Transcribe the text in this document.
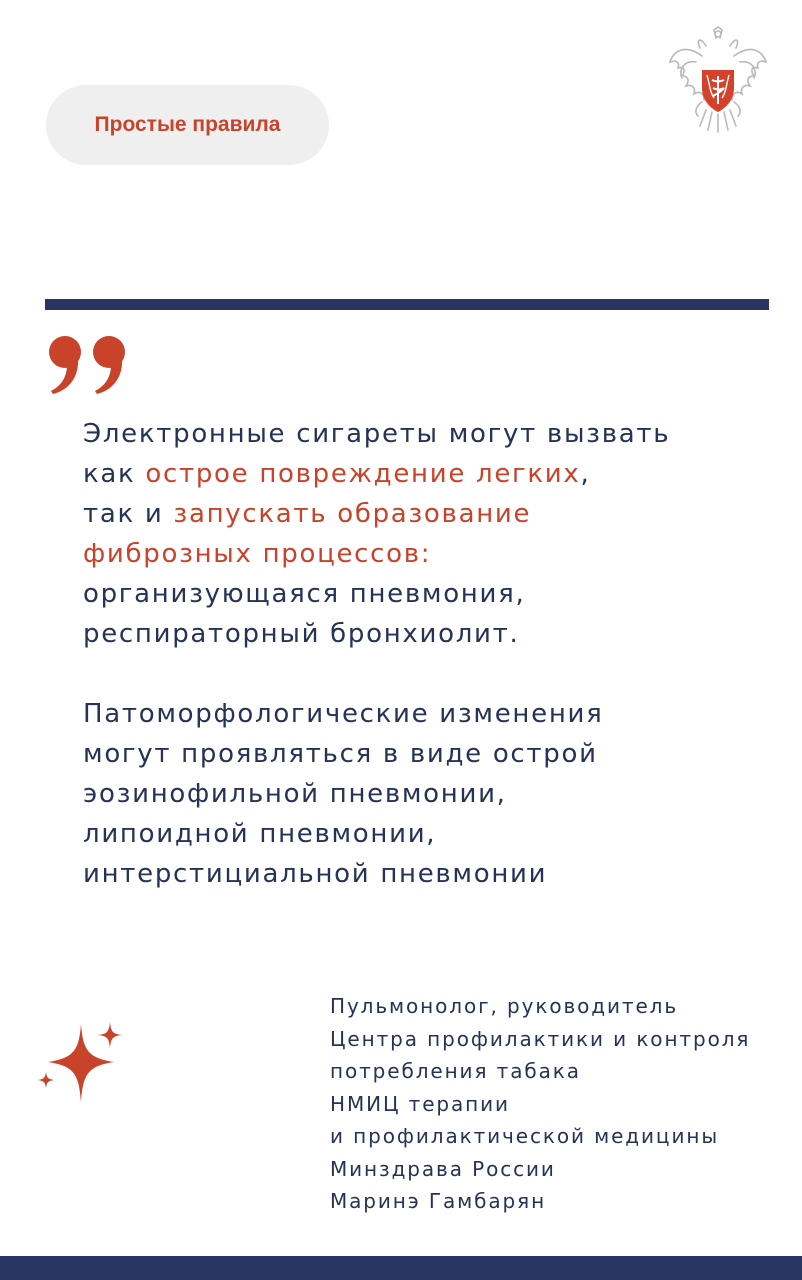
Простые правила

Электронные сигареты могут вызвать
как острое повреждение легких,
так и запускать образование
фиброзных процессов:
организующаяся пневмония,
респираторный бронхиолит.

Патоморфологические изменения
могут проявляться в виде острой
эозинофильной пневмонии,
липоидной пневмонии,
интерстициальной пневмонии

Пульмонолог, руководитель
Центра профилактики и контроля
потребления табака
НМИЦ терапии
и профилактической медицины
Минздрава России
Маринэ Гамбарян
